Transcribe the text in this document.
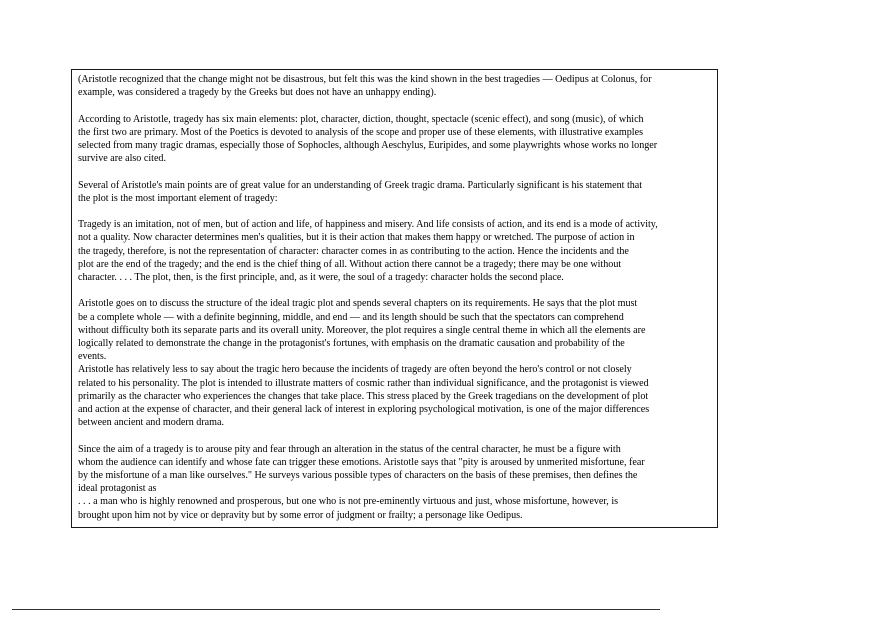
(Aristotle recognized that the change might not be disastrous, but felt this was the kind shown in the best tragedies — Oedipus at Colonus, for
example, was considered a tragedy by the Greeks but does not have an unhappy ending).

According to Aristotle, tragedy has six main elements: plot, character, diction, thought, spectacle (scenic effect), and song (music), of which
the first two are primary. Most of the Poetics is devoted to analysis of the scope and proper use of these elements, with illustrative examples
selected from many tragic dramas, especially those of Sophocles, although Aeschylus, Euripides, and some playwrights whose works no longer
survive are also cited.

Several of Aristotle's main points are of great value for an understanding of Greek tragic drama. Particularly significant is his statement that
the plot is the most important element of tragedy:

Tragedy is an imitation, not of men, but of action and life, of happiness and misery. And life consists of action, and its end is a mode of activity,
not a quality. Now character determines men's qualities, but it is their action that makes them happy or wretched. The purpose of action in
the tragedy, therefore, is not the representation of character: character comes in as contributing to the action. Hence the incidents and the
plot are the end of the tragedy; and the end is the chief thing of all. Without action there cannot be a tragedy; there may be one without
character. . . . The plot, then, is the first principle, and, as it were, the soul of a tragedy: character holds the second place.

Aristotle goes on to discuss the structure of the ideal tragic plot and spends several chapters on its requirements. He says that the plot must
be a complete whole — with a definite beginning, middle, and end — and its length should be such that the spectators can comprehend
without difficulty both its separate parts and its overall unity. Moreover, the plot requires a single central theme in which all the elements are
logically related to demonstrate the change in the protagonist's fortunes, with emphasis on the dramatic causation and probability of the
events.

Aristotle has relatively less to say about the tragic hero because the incidents of tragedy are often beyond the hero's control or not closely
related to his personality. The plot is intended to illustrate matters of cosmic rather than individual significance, and the protagonist is viewed
primarily as the character who experiences the changes that take place. This stress placed by the Greek tragedians on the development of plot
and action at the expense of character, and their general lack of interest in exploring psychological motivation, is one of the major differences
between ancient and modern drama.

Since the aim of a tragedy is to arouse pity and fear through an alteration in the status of the central character, he must be a figure with
whom the audience can identify and whose fate can trigger these emotions. Aristotle says that "pity is aroused by unmerited misfortune, fear
by the misfortune of a man like ourselves." He surveys various possible types of characters on the basis of these premises, then defines the
ideal protagonist as

. . . a man who is highly renowned and prosperous, but one who is not pre-eminently virtuous and just, whose misfortune, however, is
brought upon him not by vice or depravity but by some error of judgment or frailty; a personage like Oedipus.
